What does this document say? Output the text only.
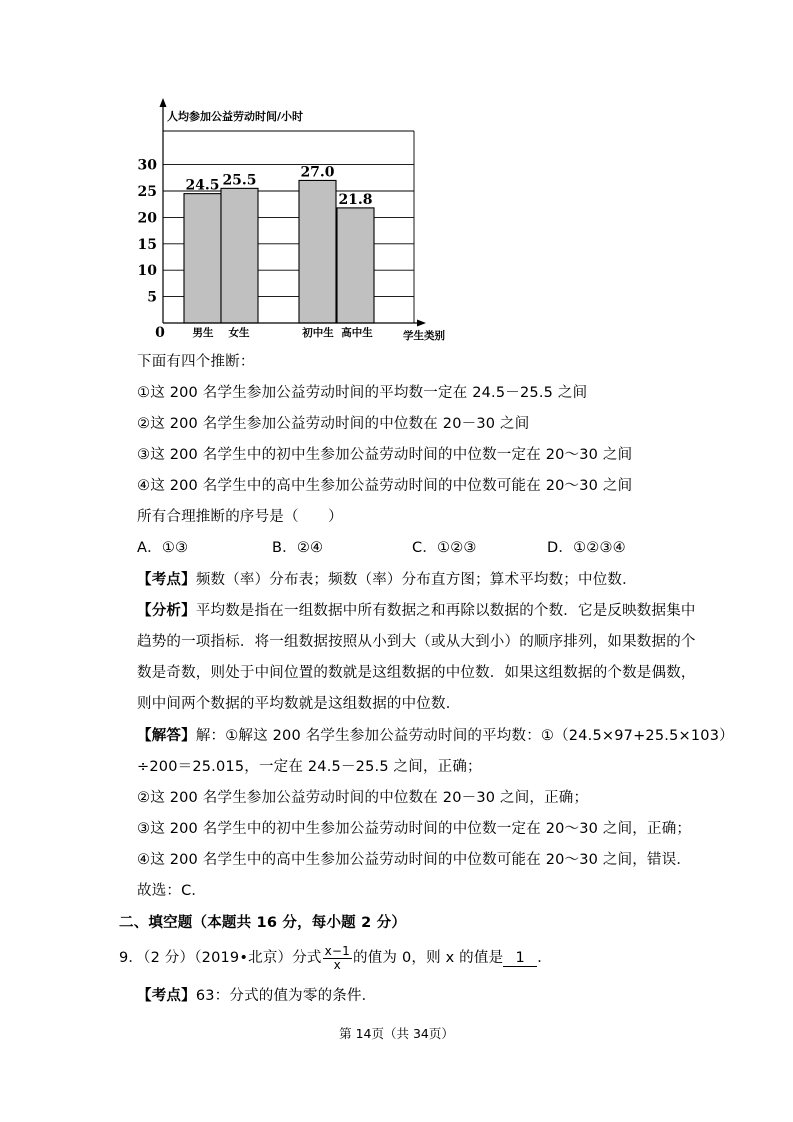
5
10
15
20
25
30
24.5 25.5	27.0
21.8
男生 女生	初中生 高中生
人均参加公益劳动时间/小时
学生类别
0
下面有四个推断：
①这 200 名学生参加公益劳动时间的平均数一定在 24.5－25.5 之间
②这 200 名学生参加公益劳动时间的中位数在 20－30 之间
③这 200 名学生中的初中生参加公益劳动时间的中位数一定在 20～30 之间
④这 200 名学生中的高中生参加公益劳动时间的中位数可能在 20～30 之间
所有合理推断的序号是（　　）
A．①③	B．②④	C．①②③	D．①②③④
【考点】频数（率）分布表；频数（率）分布直方图；算术平均数；中位数．
【分析】平均数是指在一组数据中所有数据之和再除以数据的个数．它是反映数据集中
趋势的一项指标．将一组数据按照从小到大（或从大到小）的顺序排列，如果数据的个
数是奇数，则处于中间位置的数就是这组数据的中位数．如果这组数据的个数是偶数，
则中间两个数据的平均数就是这组数据的中位数．
【解答】解：①解这 200 名学生参加公益劳动时间的平均数：①（24.5×97+25.5×103）
÷200＝25.015，一定在 24.5－25.5 之间，正确；
②这 200 名学生参加公益劳动时间的中位数在 20－30 之间，正确；
③这 200 名学生中的初中生参加公益劳动时间的中位数一定在 20～30 之间，正确；
④这 200 名学生中的高中生参加公益劳动时间的中位数可能在 20～30 之间，错误．
故选：C．
二、填空题（本题共 16 分，每小题 2 分）
9．（2 分）（2019•北京）分式 $\frac{x-1}{x}$ 的值为 0，则 x 的值是 1 ．
【考点】63：分式的值为零的条件．
第 14页（共 34页）
